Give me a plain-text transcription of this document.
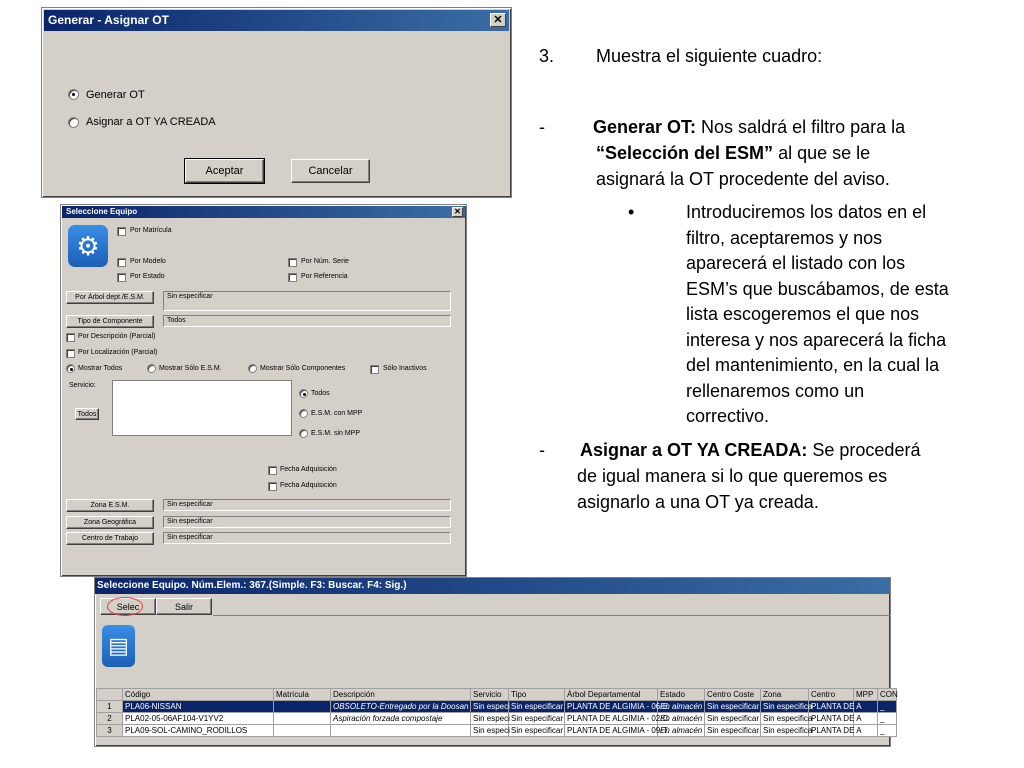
Generar - Asignar OT	✕
Generar OT
Asignar a OT YA CREADA
Aceptar	Cancelar
Seleccione Equipo	✕
⚙
Por Matrícula
Por Modelo	Por Núm. Serie
Por Estado	Por Referencia
Por Árbol dept./E.S.M.	Sin especificar
Tipo de Componente	Todos
Por Descripción (Parcial)
Por Localización (Parcial)
Mostrar Todos	Mostrar Sólo E.S.M.	Mostrar Sólo Componentes	Sólo Inactivos
Servicio:
Todos
Todos
E.S.M. con MPP
E.S.M. sin MPP
Fecha Adquisición
Fecha Adquisición
Zona E.S.M.	Sin especificar
Zona Geográfica	Sin especificar
Centro de Trabajo	Sin especificar
3. Muestra el siguiente cuadro:
-	Generar OT: Nos saldrá el filtro para la
“Selección del ESM” al que se le
asignará la OT procedente del aviso.
•	Introduciremos los datos en el
filtro, aceptaremos y nos
aparecerá el listado con los
ESM’s que buscábamos, de esta
lista escogeremos el que nos
interesa y nos aparecerá la ficha
del mantenimiento, en la cual la
rellenaremos como un
correctivo.
- Asignar a OT YA CREADA: Se procederá
de igual manera si lo que queremos es
asignarlo a una OT ya creada.
Seleccione Equipo. Núm.Elem.: 367.(Simple. F3: Buscar. F4: Sig.)
Selec	Salir
▤
	Código	Matrícula	Descripción	Servicio	Tipo	Árbol Departamental	Estado	Centro Coste	Zona	Centro	MPP	CON
1	PLA06-NISSAN		OBSOLETO-Entregado por la Doosan	Sin especi	Sin especificar	PLANTA DE ALGIMIA - 06-E	En almacén	Sin especificar	Sin especifica	PLANTA DE A		_
2	PLA02-05-06AF104-V1YV2		Aspiración forzada compostaje	Sin especi	Sin especificar	PLANTA DE ALGIMIA - 02-C	En almacén	Sin especificar	Sin especifica	PLANTA DE A		_
3	PLA09-SOL-CAMINO_RODILLOS			Sin especi	Sin especificar	PLANTA DE ALGIMIA - 09-T.	En almacén	Sin especificar	Sin especifica	PLANTA DE A		_
